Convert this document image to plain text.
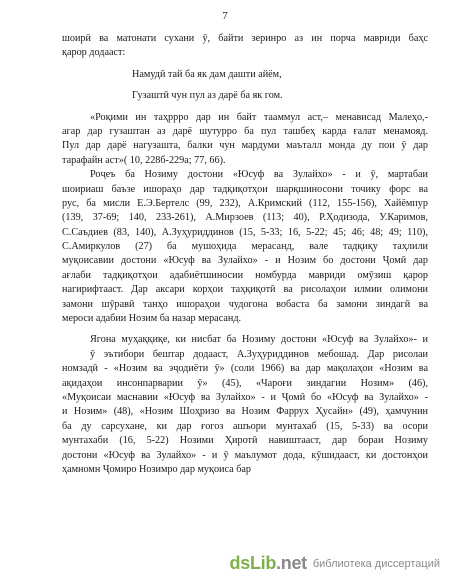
7
шоирӣ ва матонати сухани ӯ, байти зеринро аз ин порча мавриди баҳс
қарор додааст:
Намудӣ тай ба як дам дашти айём,
Гузаштӣ чун пул аз дарё ба як гом.
«Роқими ин таҳррро дар ин байт тааммул аст,– менависад Малеҳо,-
агар дар гузаштан аз дарё шутурро ба пул ташбеҳ карда ғалат менамояд.
Пул дар дарё нагузашта, балки чун мардуми маъталл мондa ду пои ӯ дар
тарафайн аст»( 10, 228б-229а; 77, 66).
Роҷеъ ба Нозиму достони «Юсуф ва Зулайхо» - и ӯ, мартабаи
шоириаш баъзе ишораҳо дар тадқиқотҳои шарқшиносони точику форс ва
рус, ба мисли Е.Э.Бертелс (99, 232), А.Кримский (112, 155-156), Хайёмпур
(139, 37-69; 140, 233-261), А.Мирзоев (113; 40), Р.Ҳодизода, У.Каримов,
С.Саъдиев (83, 140), А.Зуҳуриддинов (15, 5-33; 16, 5-22; 45; 46; 48; 49; 110),
С.Амиркулов (27) ба мушоҳида мерасанд, вале тадқиқу таҳлили
муқоисавии достони «Юсуф ва Зулайхо» - и Нозим бо достони Ҷомӣ дар
ағлаби тадқиқотҳои адабиётшиносии номбурда мавриди омӯзиш қарор
нагирифтааст. Дар аксари корҳои таҳқиқотӣ ва рисолаҳои илмии олимони
замони шӯравӣ танҳо ишораҳои чудогона вобаста ба замони зиндагӣ ва
мероси адабии Нозим ба назар мерасанд.
Ягона муҳаққиқе, ки нисбат ба Нозиму достони «Юсуф ва Зулайхо»- и
ӯ эътибори бештар додааст, А.Зуҳуриддинов мебошад. Дар рисолаи
номзадӣ - «Нозим ва эҷодиёти ӯ» (соли 1966) ва дар мақолаҳои «Нозим ва
ақидаҳои инсонпарварии ӯ» (45), «Чароғи зиндагии Нозим» (46),
«Муқоисаи маснавии «Юсуф ва Зулайхо» - и Ҷомӣ бо «Юсуф ва Зулайхо» -
и Нозим» (48), «Нозим Шоҳризо ва Нозим Фаррух Ҳусайн» (49), ҳамчунин
ба ду сарсухане, ки дар ғогоз ашъори мунтахаб (15, 5-33) ва осори
мунтахаби (16, 5-22) Нозими Ҳиротӣ навиштааст, дар бораи Нозиму
достони «Юсуф ва Зулайхо» - и ӯ маълумот дода, кӯшидааст, ки достонҳои
ҳамномн Ҷомиро Нозимро дар муқоиса бар
dsLib.net библиотека диссертаций
